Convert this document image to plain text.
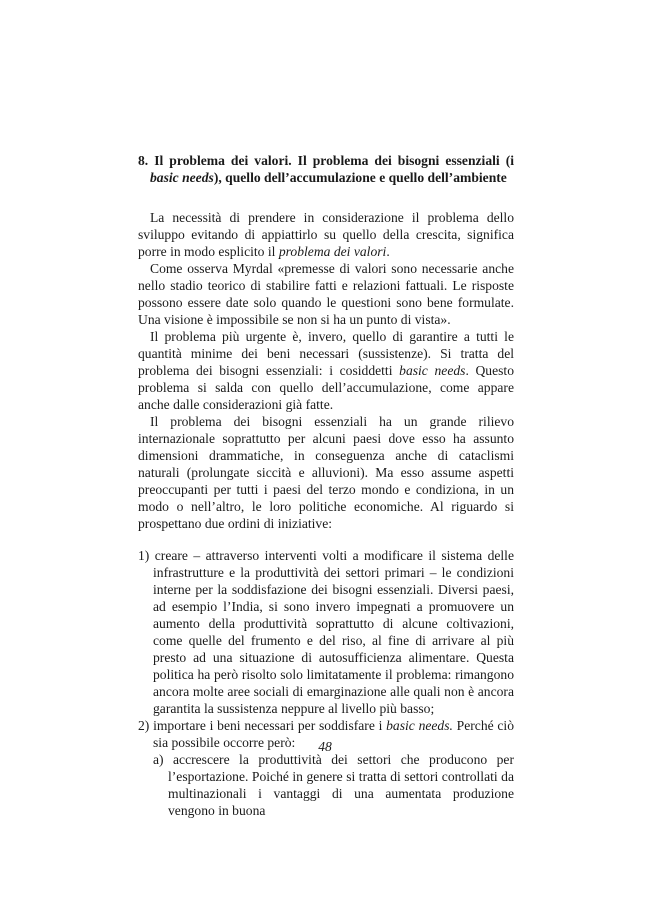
8. Il problema dei valori. Il problema dei bisogni essenziali (i basic needs), quello dell’accumulazione e quello dell’ambiente

La necessità di prendere in considerazione il problema dello sviluppo evitando di appiattirlo su quello della crescita, significa porre in modo esplicito il problema dei valori.

Come osserva Myrdal «premesse di valori sono necessarie anche nello stadio teorico di stabilire fatti e relazioni fattuali. Le risposte possono essere date solo quando le questioni sono bene formulate. Una visione è impossibile se non si ha un punto di vista».

Il problema più urgente è, invero, quello di garantire a tutti le quantità minime dei beni necessari (sussistenze). Si tratta del problema dei bisogni essenziali: i cosiddetti basic needs. Questo problema si salda con quello dell’accumulazione, come appare anche dalle considerazioni già fatte.

Il problema dei bisogni essenziali ha un grande rilievo internazionale soprattutto per alcuni paesi dove esso ha assunto dimensioni drammatiche, in conseguenza anche di cataclismi naturali (prolungate siccità e alluvioni). Ma esso assume aspetti preoccupanti per tutti i paesi del terzo mondo e condiziona, in un modo o nell’altro, le loro politiche economiche. Al riguardo si prospettano due ordini di iniziative:

1) creare – attraverso interventi volti a modificare il sistema delle infrastrutture e la produttività dei settori primari – le condizioni interne per la soddisfazione dei bisogni essenziali. Diversi paesi, ad esempio l’India, si sono invero impegnati a promuovere un aumento della produttività soprattutto di alcune coltivazioni, come quelle del frumento e del riso, al fine di arrivare al più presto ad una situazione di autosufficienza alimentare. Questa politica ha però risolto solo limitatamente il problema: rimangono ancora molte aree sociali di emarginazione alle quali non è ancora garantita la sussistenza neppure al livello più basso;
2) importare i beni necessari per soddisfare i basic needs. Perché ciò sia possibile occorre però:
a) accrescere la produttività dei settori che producono per l’esportazione. Poiché in genere si tratta di settori controllati da multinazionali i vantaggi di una aumentata produzione vengono in buona
48
